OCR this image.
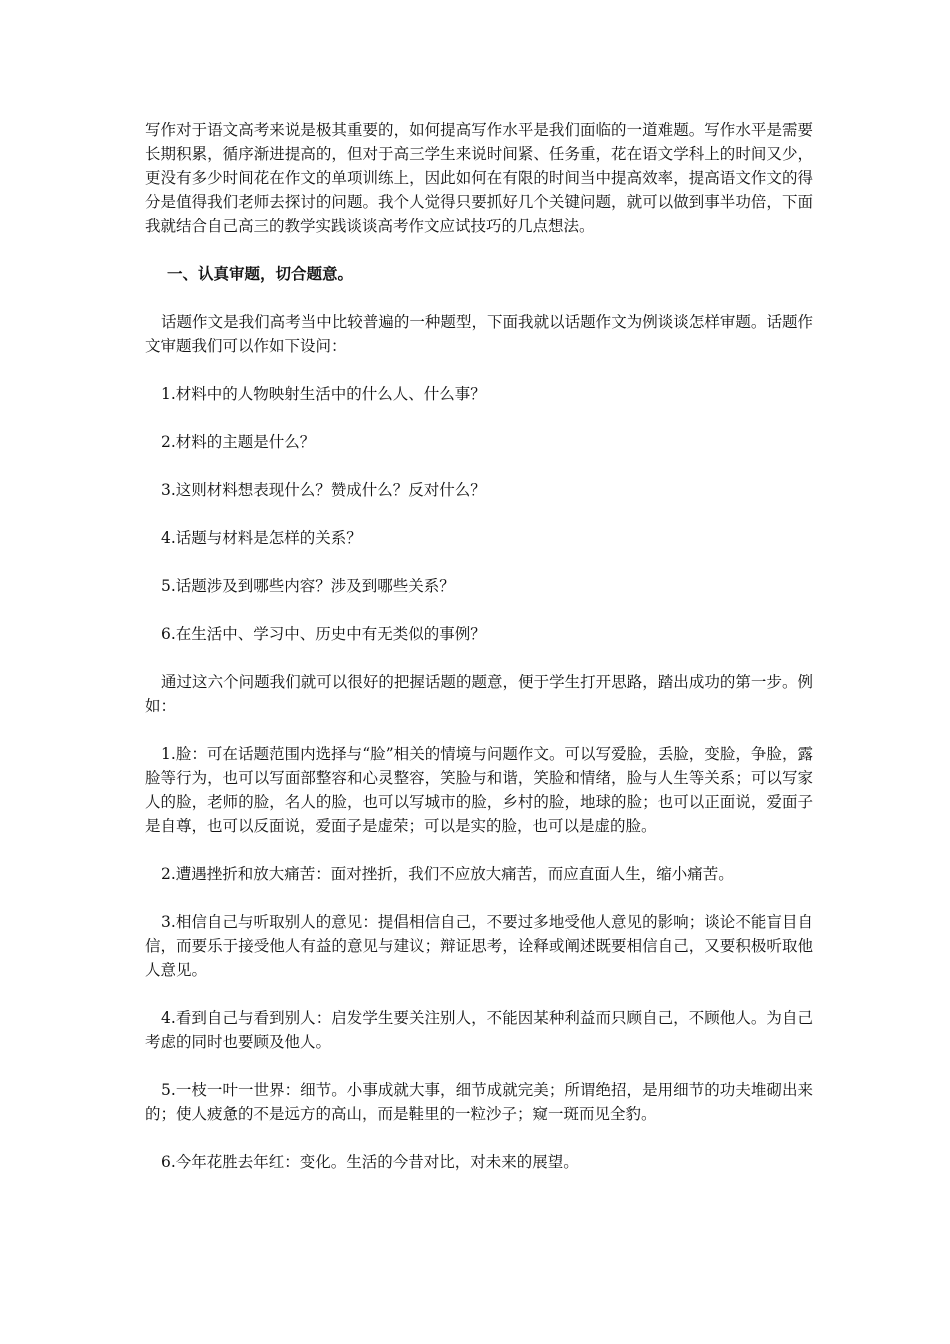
写作对于语文高考来说是极其重要的，如何提高写作水平是我们面临的一道难题。写作水平是需要长期积累，循序渐进提高的，但对于高三学生来说时间紧、任务重，花在语文学科上的时间又少，更没有多少时间花在作文的单项训练上，因此如何在有限的时间当中提高效率，提高语文作文的得分是值得我们老师去探讨的问题。我个人觉得只要抓好几个关键问题，就可以做到事半功倍，下面我就结合自己高三的教学实践谈谈高考作文应试技巧的几点想法。

一、认真审题，切合题意。

话题作文是我们高考当中比较普遍的一种题型，下面我就以话题作文为例谈谈怎样审题。话题作文审题我们可以作如下设问：

1.材料中的人物映射生活中的什么人、什么事？

2.材料的主题是什么？

3.这则材料想表现什么？赞成什么？反对什么？

4.话题与材料是怎样的关系？

5.话题涉及到哪些内容？涉及到哪些关系？

6.在生活中、学习中、历史中有无类似的事例？

通过这六个问题我们就可以很好的把握话题的题意，便于学生打开思路，踏出成功的第一步。例如：

1.脸：可在话题范围内选择与“脸”相关的情境与问题作文。可以写爱脸，丢脸，变脸，争脸，露脸等行为，也可以写面部整容和心灵整容，笑脸与和谐，笑脸和情绪，脸与人生等关系；可以写家人的脸，老师的脸，名人的脸，也可以写城市的脸，乡村的脸，地球的脸；也可以正面说，爱面子是自尊，也可以反面说，爱面子是虚荣；可以是实的脸，也可以是虚的脸。

2.遭遇挫折和放大痛苦：面对挫折，我们不应放大痛苦，而应直面人生，缩小痛苦。

3.相信自己与听取别人的意见：提倡相信自己，不要过多地受他人意见的影响；谈论不能盲目自信，而要乐于接受他人有益的意见与建议；辩证思考，诠释或阐述既要相信自己，又要积极听取他人意见。

4.看到自己与看到别人：启发学生要关注别人，不能因某种利益而只顾自己，不顾他人。为自己考虑的同时也要顾及他人。

5.一枝一叶一世界：细节。小事成就大事，细节成就完美；所谓绝招，是用细节的功夫堆砌出来的；使人疲惫的不是远方的高山，而是鞋里的一粒沙子；窥一斑而见全豹。

6.今年花胜去年红：变化。生活的今昔对比，对未来的展望。
